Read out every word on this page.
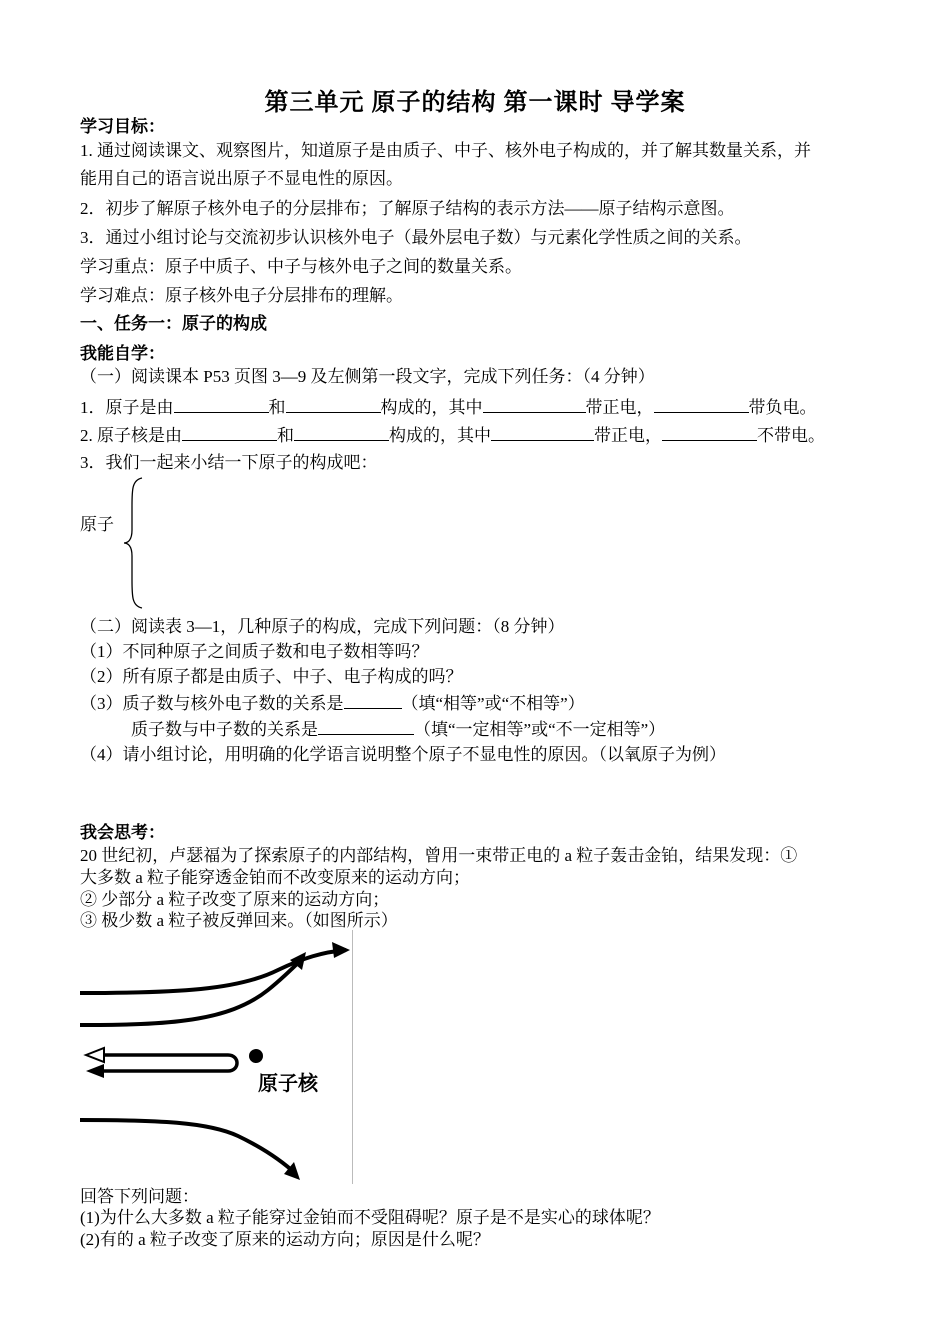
第三单元 原子的结构 第一课时 导学案
学习目标：
1. 通过阅读课文、观察图片，知道原子是由质子、中子、核外电子构成的，并了解其数量关系，并
能用自己的语言说出原子不显电性的原因。
2．初步了解原子核外电子的分层排布；了解原子结构的表示方法——原子结构示意图。
3．通过小组讨论与交流初步认识核外电子（最外层电子数）与元素化学性质之间的关系。
学习重点：原子中质子、中子与核外电子之间的数量关系。
学习难点：原子核外电子分层排布的理解。
一、任务一：原子的构成
我能自学：
（一）阅读课本 P53 页图 3—9 及左侧第一段文字，完成下列任务：（4 分钟）
1．原子是由	和	构成的，其中	带正电，	带负电。
2. 原子核是由	和	构成的，其中	带正电，	不带电。
3．我们一起来小结一下原子的构成吧：
原子
（二）阅读表 3—1，几种原子的构成，完成下列问题：（8 分钟）
（1）不同种原子之间质子数和电子数相等吗？
（2）所有原子都是由质子、中子、电子构成的吗？
（3）质子数与核外电子数的关系是	（填“相等”或“不相等”）
质子数与中子数的关系是	（填“一定相等”或“不一定相等”）
（4）请小组讨论，用明确的化学语言说明整个原子不显电性的原因。（以氧原子为例）
我会思考：
20 世纪初，卢瑟福为了探索原子的内部结构，曾用一束带正电的 a 粒子轰击金铂，结果发现：①
大多数 a 粒子能穿透金铂而不改变原来的运动方向；
② 少部分 a 粒子改变了原来的运动方向；
③ 极少数 a 粒子被反弹回来。（如图所示）
原子核
回答下列问题：
(1)为什么大多数 a 粒子能穿过金铂而不受阻碍呢？原子是不是实心的球体呢？
(2)有的 a 粒子改变了原来的运动方向；原因是什么呢？
